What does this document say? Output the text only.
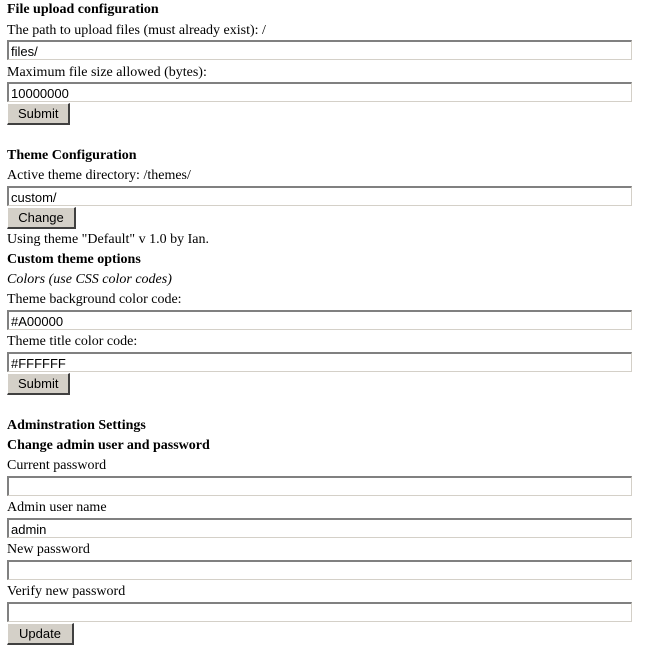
File upload configuration
The path to upload files (must already exist): /
files/
Maximum file size allowed (bytes):
10000000
Submit
Theme Configuration
Active theme directory: /themes/
custom/
Change
Using theme "Default" v 1.0 by Ian.
Custom theme options
Colors (use CSS color codes)
Theme background color code:
#A00000
Theme title color code:
#FFFFFF
Submit
Adminstration Settings
Change admin user and password
Current password
Admin user name
admin
New password
Verify new password
Update
